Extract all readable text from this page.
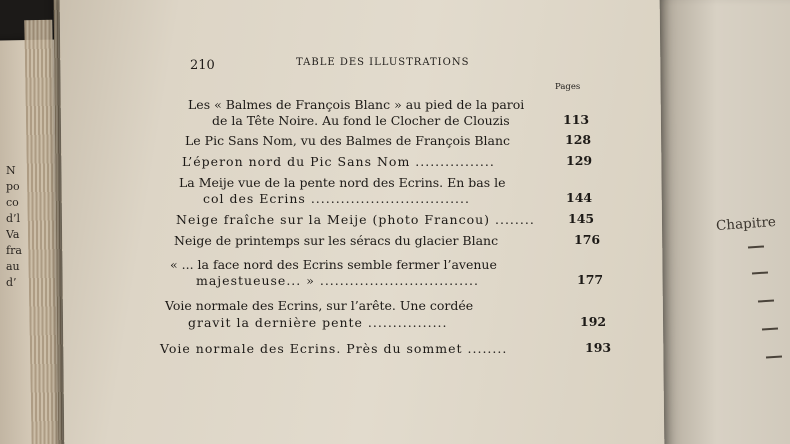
N
po
co
d’l
Va
fra
au
d’
Chapitre
210	TABLE DES ILLUSTRATIONS
Pages
Les « Balmes de François Blanc » au pied de la paroi
de la Tête Noire. Au fond le Clocher de Clouzis	113
Le Pic Sans Nom, vu des Balmes de François Blanc	128
L’éperon nord du Pic Sans Nom ................	129
La Meije vue de la pente nord des Ecrins. En bas le
col des Ecrins ................................	144
Neige fraîche sur la Meije (photo Francou) ........	145
Neige de printemps sur les séracs du glacier Blanc	176
« ... la face nord des Ecrins semble fermer l’avenue
majestueuse... » ................................	177
Voie normale des Ecrins, sur l’arête. Une cordée
gravit la dernière pente ................	192
Voie normale des Ecrins. Près du sommet ........	193
